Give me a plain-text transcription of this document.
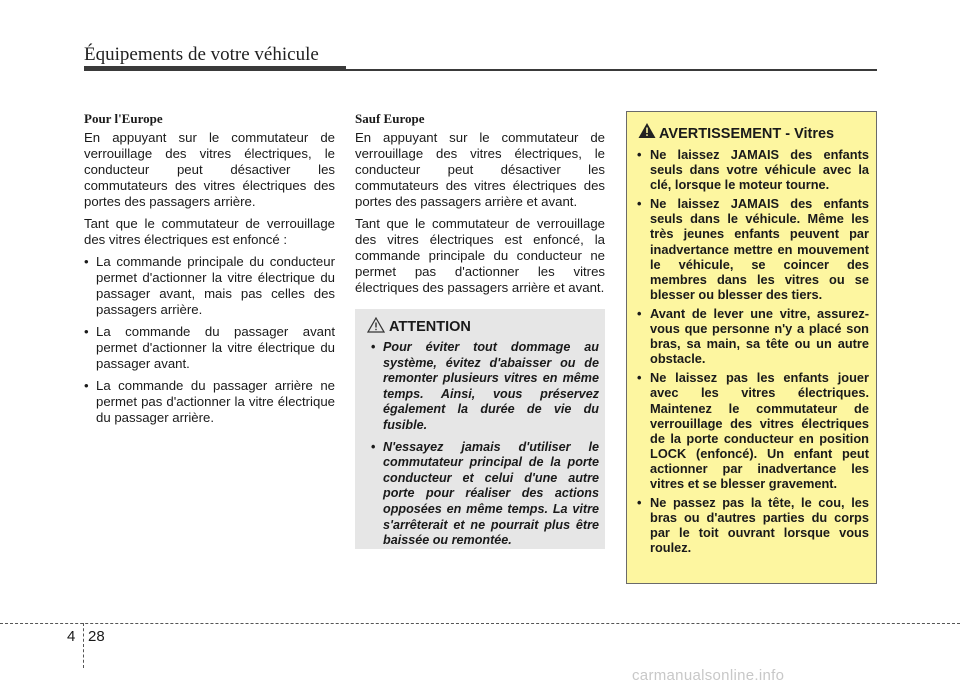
Équipements de votre véhicule

Pour l'Europe

En appuyant sur le commutateur de verrouillage des vitres électriques, le conducteur peut désactiver les commutateurs des vitres électriques des portes des passagers arrière.

Tant que le commutateur de verrouillage des vitres électriques est enfoncé :

• La commande principale du conducteur permet d'actionner la vitre électrique du passager avant, mais pas celles des passagers arrière.
• La commande du passager avant permet d'actionner la vitre électrique du passager avant.
• La commande du passager arrière ne permet pas d'actionner la vitre électrique du passager arrière.

Sauf Europe

En appuyant sur le commutateur de verrouillage des vitres électriques, le conducteur peut désactiver les commutateurs des vitres électriques des portes des passagers arrière et avant.

Tant que le commutateur de verrouillage des vitres électriques est enfoncé, la commande principale du conducteur ne permet pas d'actionner les vitres électriques des passagers arrière et avant.

ATTENTION
• Pour éviter tout dommage au système, évitez d'abaisser ou de remonter plusieurs vitres en même temps. Ainsi, vous préservez également la durée de vie du fusible.
• N'essayez jamais d'utiliser le commutateur principal de la porte conducteur et celui d'une autre porte pour réaliser des actions opposées en même temps. La vitre s'arrêterait et ne pourrait plus être baissée ou remontée.
AVERTISSEMENT - Vitres
• Ne laissez JAMAIS des enfants seuls dans votre véhicule avec la clé, lorsque le moteur tourne.
• Ne laissez JAMAIS des enfants seuls dans le véhicule. Même les très jeunes enfants peuvent par inadvertance mettre en mouvement le véhicule, se coincer des membres dans les vitres ou se blesser ou blesser des tiers.
• Avant de lever une vitre, assurez-vous que personne n'y a placé son bras, sa main, sa tête ou un autre obstacle.
• Ne laissez pas les enfants jouer avec les vitres électriques. Maintenez le commutateur de verrouillage des vitres électriques de la porte conducteur en position LOCK (enfoncé). Un enfant peut actionner par inadvertance les vitres et se blesser gravement.
• Ne passez pas la tête, le cou, les bras ou d'autres parties du corps par le toit ouvrant lorsque vous roulez.
4 28
carmanualsonline.info
